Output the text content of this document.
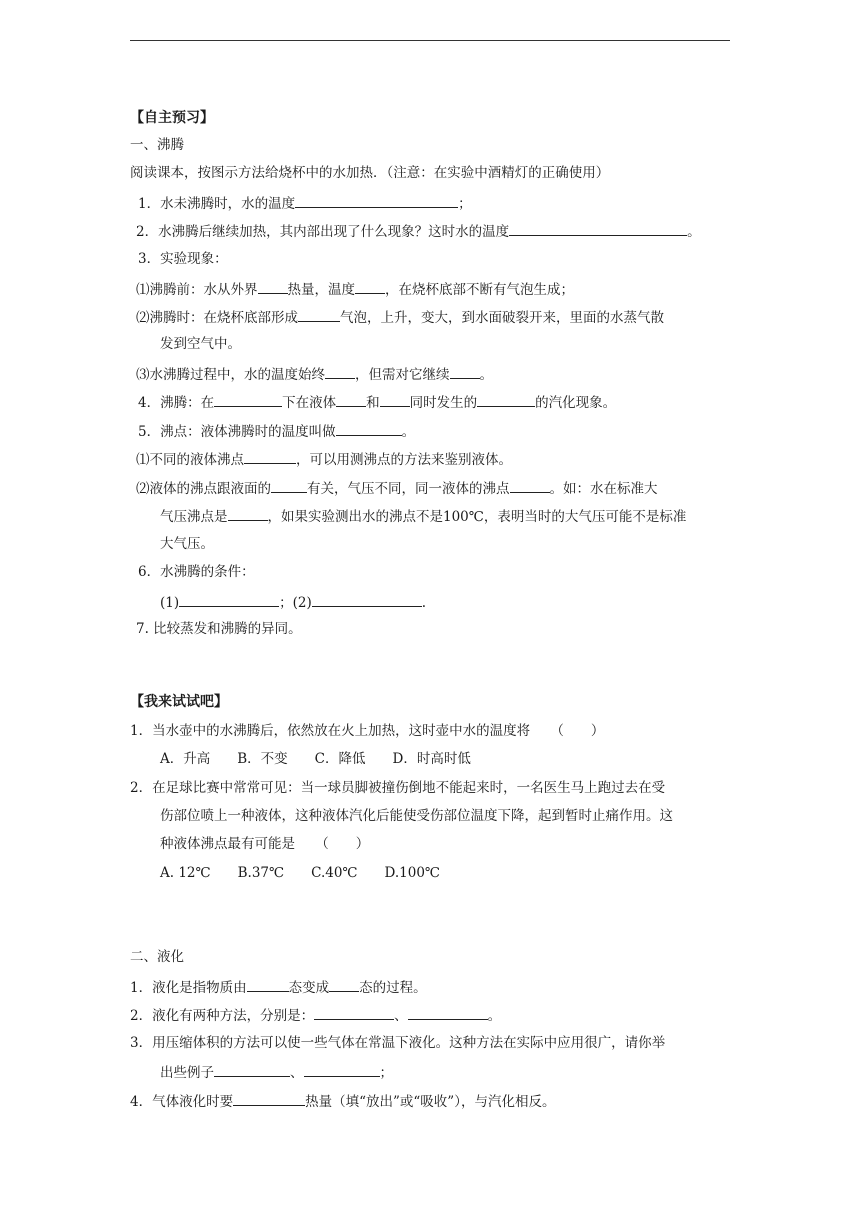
【自主预习】
一、沸腾
阅读课本，按图示方法给烧杯中的水加热．（注意：在实验中酒精灯的正确使用）
1．水未沸腾时，水的温度	；
2．水沸腾后继续加热，其内部出现了什么现象？这时水的温度	。
3．实验现象：
⑴沸腾前：水从外界 热量，温度 ，在烧杯底部不断有气泡生成；
⑵沸腾时：在烧杯底部形成	气泡，上升，变大，到水面破裂开来，里面的水蒸气散
发到空气中。
⑶水沸腾过程中，水的温度始终 ，但需对它继续 。
4．沸腾：在	下在液体 和 同时发生的	的汽化现象。
5．沸点：液体沸腾时的温度叫做	。
⑴不同的液体沸点	，可以用测沸点的方法来鉴别液体。
⑵液体的沸点跟液面的	有关，气压不同，同一液体的沸点	。如：水在标准大
气压沸点是	，如果实验测出水的沸点不是100℃，表明当时的大气压可能不是标准
大气压。
6．水沸腾的条件：
(1)	；(2)	.
7. 比较蒸发和沸腾的异同。
【我来试试吧】
1．当水壶中的水沸腾后，依然放在火上加热，这时壶中水的温度将　　（　　）
A．升高　　B．不变　　C．降低　　D．时高时低
2．在足球比赛中常常可见：当一球员脚被撞伤倒地不能起来时，一名医生马上跑过去在受
伤部位喷上一种液体，这种液体汽化后能使受伤部位温度下降，起到暂时止痛作用。这
种液体沸点最有可能是　　（　　）
A. 12℃　　B.37℃　　C.40℃　　D.100℃
二、液化
1．液化是指物质由	态变成 态的过程。
2．液化有两种方法，分别是：	、	。
3．用压缩体积的方法可以使一些气体在常温下液化。这种方法在实际中应用很广，请你举
出些例子	、	；
4．气体液化时要	热量（填“放出”或“吸收”），与汽化相反。
